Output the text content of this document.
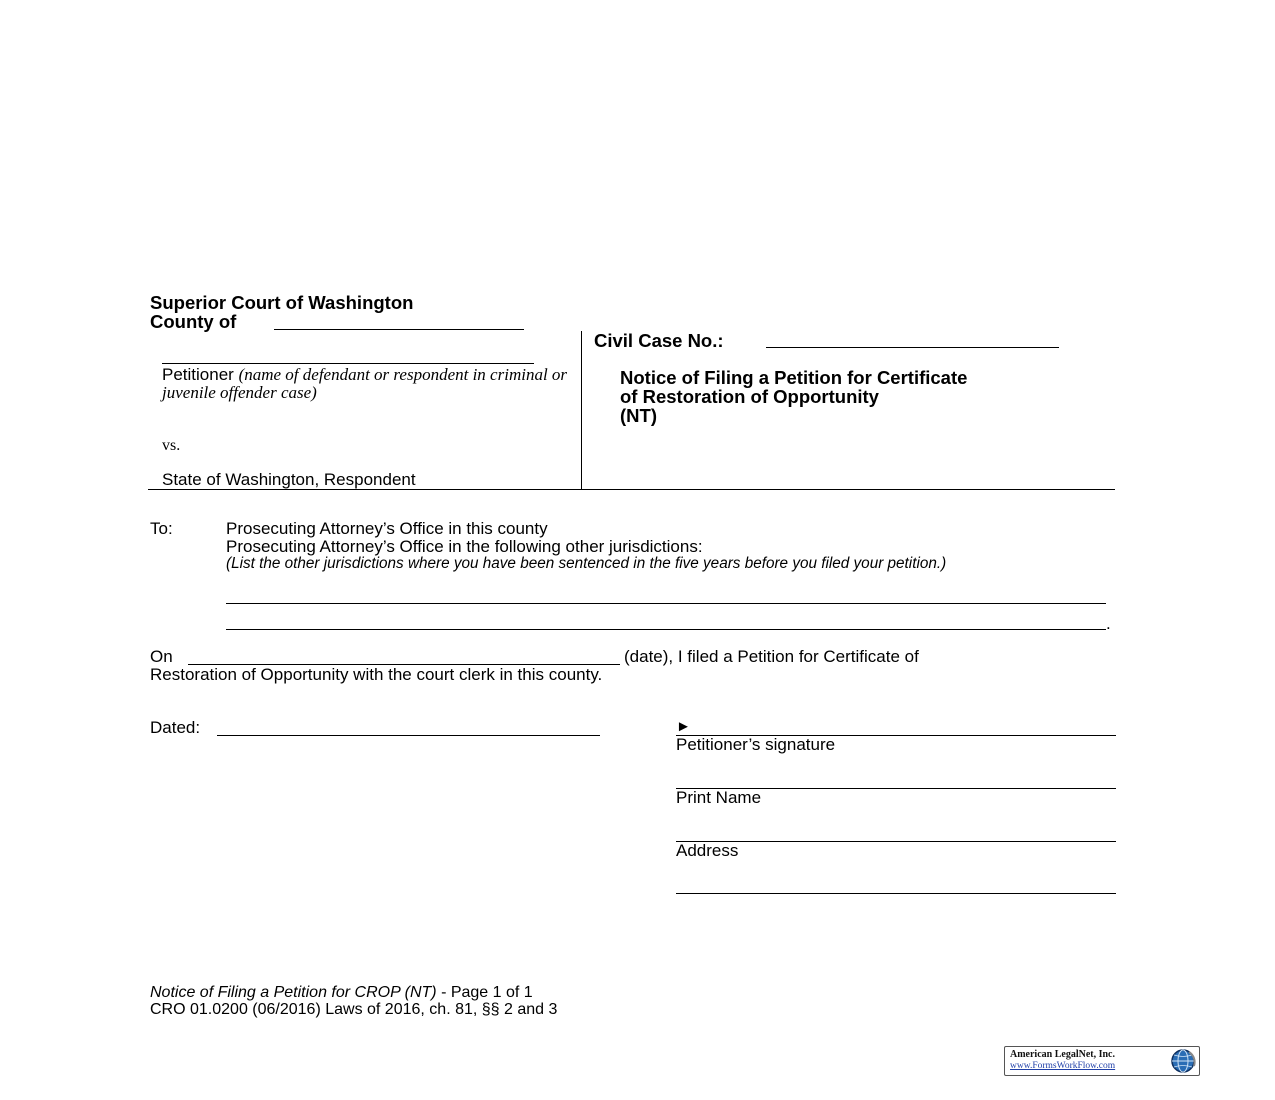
Superior Court of Washington
County of
Civil Case No.:
Notice of Filing a Petition for Certificate
of Restoration of Opportunity
(NT)
Petitioner (name of defendant or respondent in criminal or juvenile offender case)
vs.
State of Washington, Respondent
To:	Prosecuting Attorney’s Office in this county
Prosecuting Attorney’s Office in the following other jurisdictions:
(List the other jurisdictions where you have been sentenced in the five years before you filed your petition.)
.
On	(date), I filed a Petition for Certificate of
Restoration of Opportunity with the court clerk in this county.
Dated:	►
Petitioner’s signature
Print Name
Address
Notice of Filing a Petition for CROP (NT) - Page 1 of 1
CRO 01.0200 (06/2016) Laws of 2016, ch. 81, §§ 2 and 3
American LegalNet, Inc.
www.FormsWorkFlow.com
